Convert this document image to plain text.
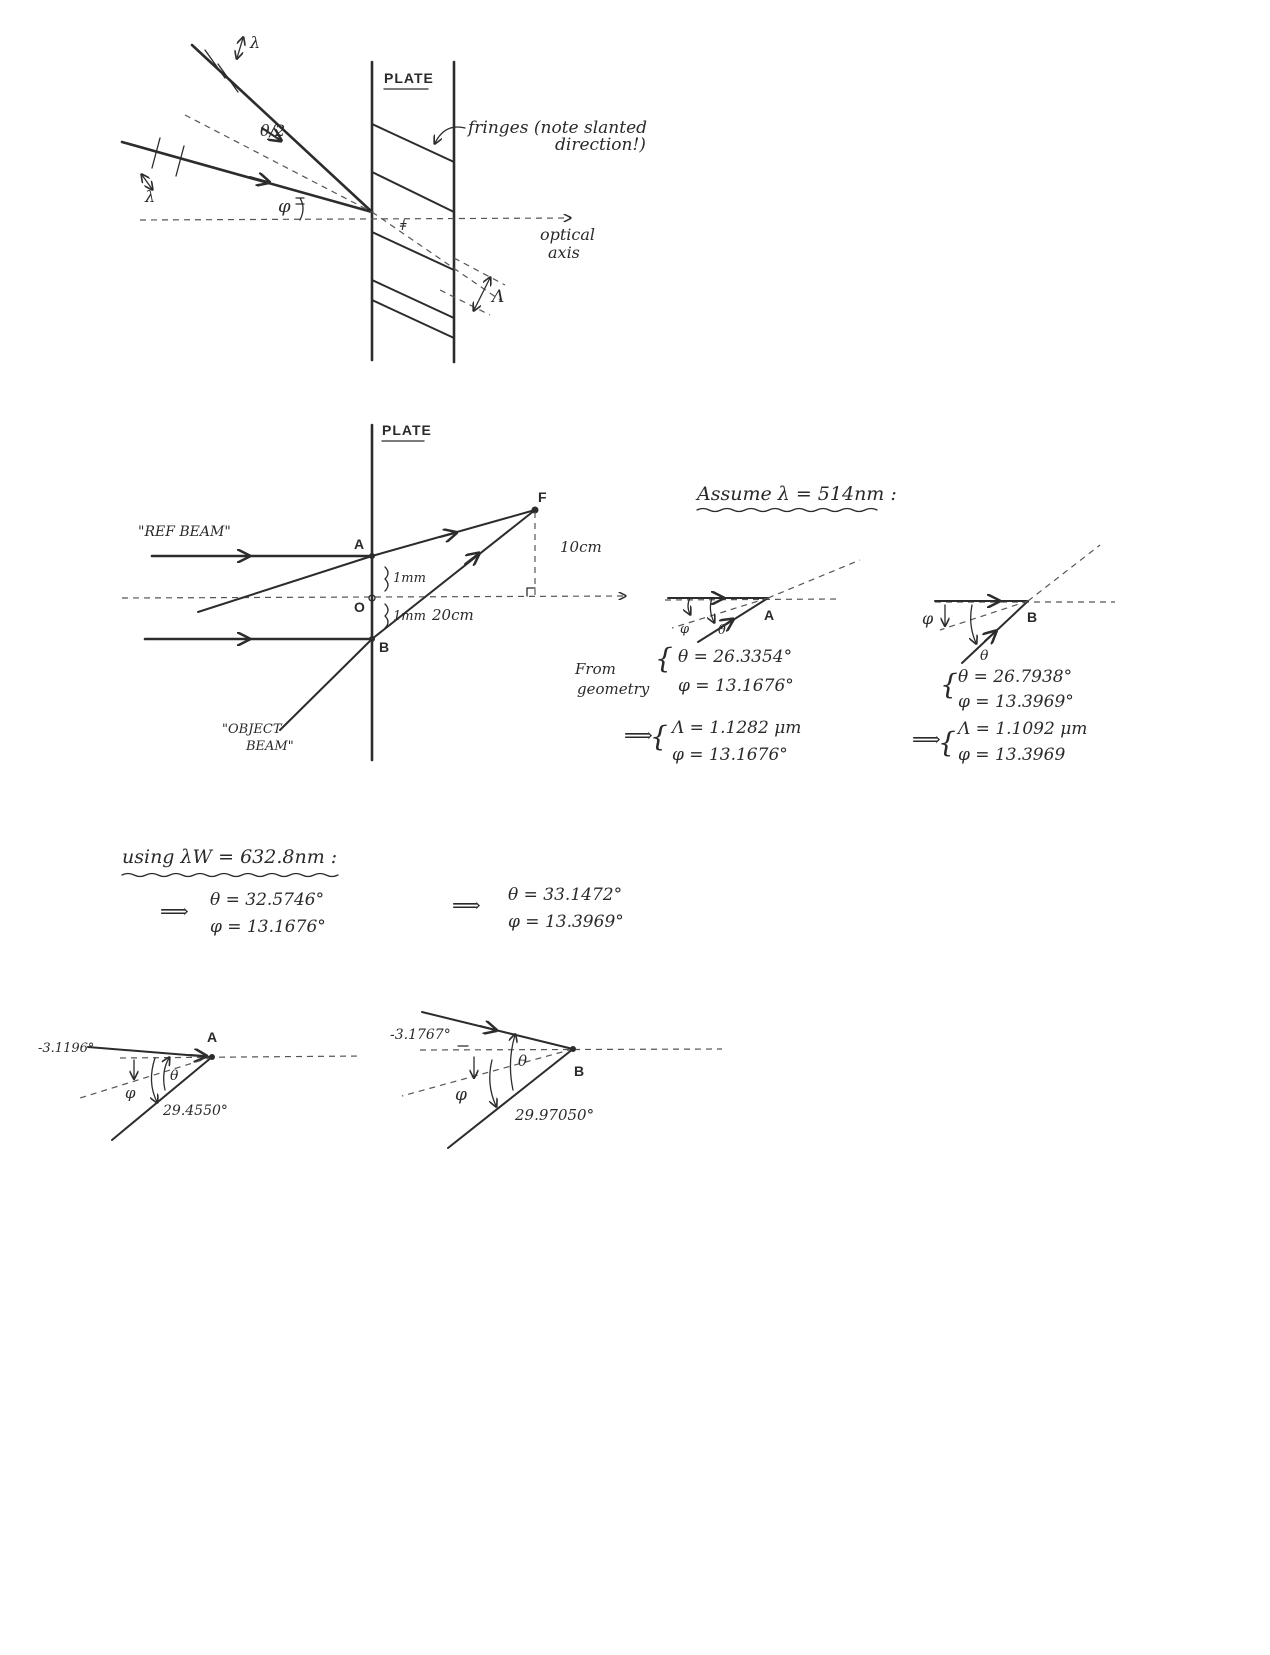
PLATE
fringes (note slanted
direction!)
optical
axis
λ
λ
θ/2
φ
Λ
ǂ
PLATE
"REF BEAM"
F
10cm
A
O
B
1mm
1mm 20cm
"OBJECT
BEAM"
Assume λ = 514nm :
φ θ
A	φ
θ
B
From
geometry
{ θ = 26.3354°
φ = 13.1676°
⟹
{ Λ = 1.1282 μm
φ = 13.1676°
{ θ = 26.7938°
φ = 13.3969°
⟹
{ Λ = 1.1092 μm
φ = 13.3969
using λW = 632.8nm :
⟹ θ = 32.5746°
φ = 13.1676°
⟹ θ = 33.1472°
φ = 13.3969°
A
-3.1196°
φ
θ
29.4550°
B
-3.1767°
φ
θ
29.97050°
